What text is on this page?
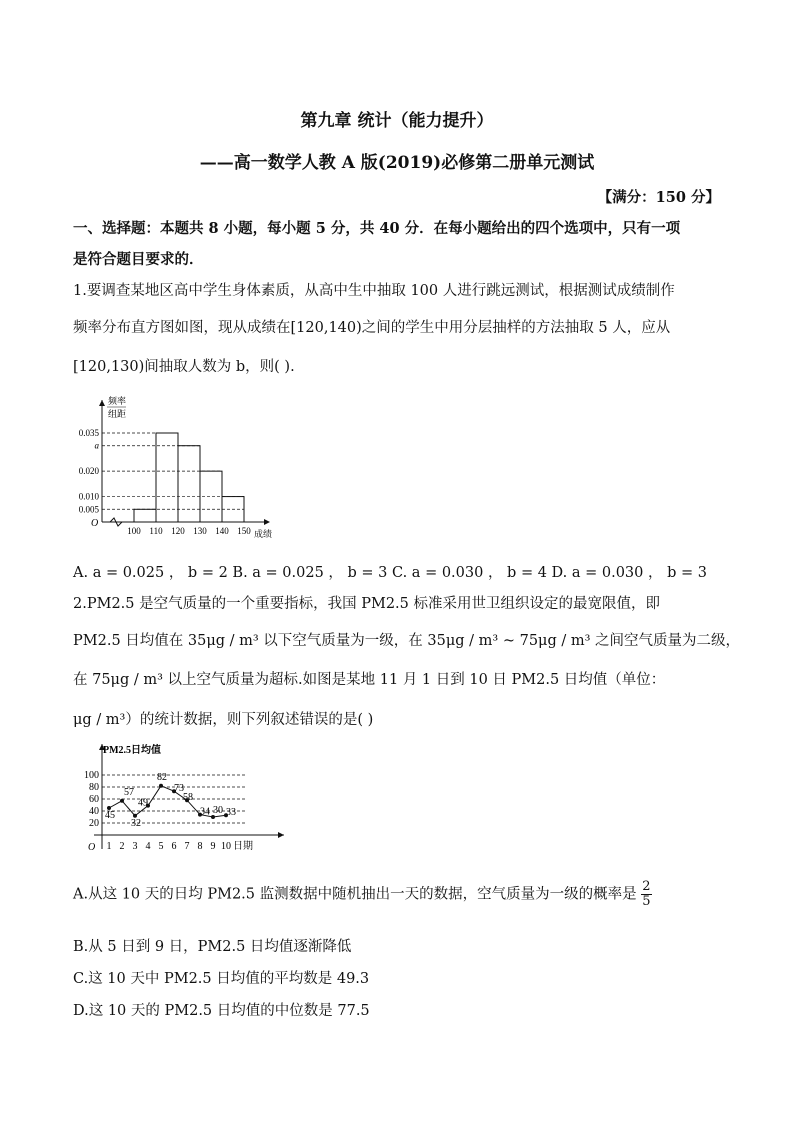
第九章 统计（能力提升）
——高一数学人教 A 版(2019)必修第二册单元测试
【满分：150 分】
一、选择题：本题共 8 小题，每小题 5 分，共 40 分．在每小题给出的四个选项中，只有一项
是符合题目要求的．
1.要调查某地区高中学生身体素质，从高中生中抽取 100 人进行跳远测试，根据测试成绩制作
频率分布直方图如图，现从成绩在[120,140)之间的学生中用分层抽样的方法抽取 5 人，应从
[120,130)间抽取人数为 b，则( ).
频率
组距
O
0.005
0.010
0.020
a
0.035
100 110 120 130 140 150 成绩
A. a = 0.025 ， b = 2 B. a = 0.025 ， b = 3 C. a = 0.030 ， b = 4 D. a = 0.030 ， b = 3
2.PM2.5 是空气质量的一个重要指标，我国 PM2.5 标准采用世卫组织设定的最宽限值，即
PM2.5 日均值在 35μg / m³ 以下空气质量为一级，在 35μg / m³ ~ 75μg / m³ 之间空气质量为二级，
在 75μg / m³ 以上空气质量为超标.如图是某地 11 月 1 日到 10 日 PM2.5 日均值（单位：
μg / m³）的统计数据，则下列叙述错误的是( )
PM2.5日均值
O
20
40
60
80
100
45
57
32
49
82
73
58
34 30 33
1 2 3 4 5 6 7 8 9 10 日期
A.从这 10 天的日均 PM2.5 监测数据中随机抽出一天的数据，空气质量为一级的概率是 $\frac{2}{5}$
B.从 5 日到 9 日，PM2.5 日均值逐渐降低
C.这 10 天中 PM2.5 日均值的平均数是 49.3
D.这 10 天的 PM2.5 日均值的中位数是 77.5
